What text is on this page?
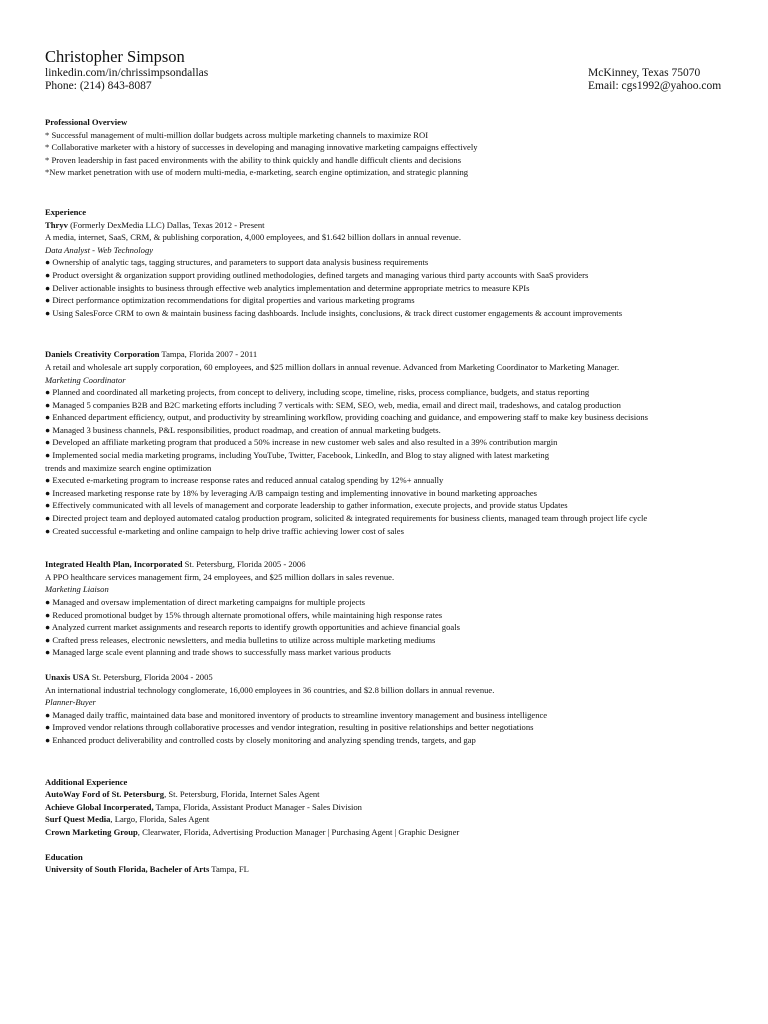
Christopher Simpson
linkedin.com/in/chrissimpsondallas
Phone: (214) 843-8087
McKinney, Texas 75070
Email: cgs1992@yahoo.com
Professional Overview
* Successful management of multi-million dollar budgets across multiple marketing channels to maximize ROI
* Collaborative marketer with a history of successes in developing and managing innovative marketing campaigns effectively
* Proven leadership in fast paced environments with the ability to think quickly and handle difficult clients and decisions
*New market penetration with use of modern multi-media, e-marketing, search engine optimization, and strategic planning
Experience
Thryv (Formerly DexMedia LLC) Dallas, Texas 2012 - Present
A media, internet, SaaS, CRM, & publishing corporation, 4,000 employees, and $1.642 billion dollars in annual revenue.
Data Analyst - Web Technology
● Ownership of analytic tags, tagging structures, and parameters to support data analysis business requirements
● Product oversight & organization support providing outlined methodologies, defined targets and managing various third party accounts with SaaS providers
● Deliver actionable insights to business through effective web analytics implementation and determine appropriate metrics to measure KPIs
● Direct performance optimization recommendations for digital properties and various marketing programs
● Using SalesForce CRM to own & maintain business facing dashboards. Include insights, conclusions, & track direct customer engagements & account improvements
Daniels Creativity Corporation Tampa, Florida 2007 - 2011
A retail and wholesale art supply corporation, 60 employees, and $25 million dollars in annual revenue. Advanced from Marketing Coordinator to Marketing Manager.
Marketing Coordinator
● Planned and coordinated all marketing projects, from concept to delivery, including scope, timeline, risks, process compliance, budgets, and status reporting
● Managed 5 companies B2B and B2C marketing efforts including 7 verticals with: SEM, SEO, web, media, email and direct mail, tradeshows, and catalog production
● Enhanced department efficiency, output, and productivity by streamlining workflow, providing coaching and guidance, and empowering staff to make key business decisions
● Managed 3 business channels, P&L responsibilities, product roadmap, and creation of annual marketing budgets.
● Developed an affiliate marketing program that produced a 50% increase in new customer web sales and also resulted in a 39% contribution margin
● Implemented social media marketing programs, including YouTube, Twitter, Facebook, LinkedIn, and Blog to stay aligned with latest marketing trends and maximize search engine optimization
● Executed e-marketing program to increase response rates and reduced annual catalog spending by 12%+ annually
● Increased marketing response rate by 18% by leveraging A/B campaign testing and implementing innovative in bound marketing approaches
● Effectively communicated with all levels of management and corporate leadership to gather information, execute projects, and provide status Updates
● Directed project team and deployed automated catalog production program, solicited & integrated requirements for business clients, managed team through project life cycle
● Created successful e-marketing and online campaign to help drive traffic achieving lower cost of sales
Integrated Health Plan, Incorporated St. Petersburg, Florida 2005 - 2006
A PPO healthcare services management firm, 24 employees, and $25 million dollars in sales revenue.
Marketing Liaison
● Managed and oversaw implementation of direct marketing campaigns for multiple projects
● Reduced promotional budget by 15% through alternate promotional offers, while maintaining high response rates
● Analyzed current market assignments and research reports to identify growth opportunities and achieve financial goals
● Crafted press releases, electronic newsletters, and media bulletins to utilize across multiple marketing mediums
● Managed large scale event planning and trade shows to successfully mass market various products
Unaxis USA St. Petersburg, Florida 2004 - 2005
An international industrial technology conglomerate, 16,000 employees in 36 countries, and $2.8 billion dollars in annual revenue.
Planner-Buyer
● Managed daily traffic, maintained data base and monitored inventory of products to streamline inventory management and business intelligence
● Improved vendor relations through collaborative processes and vendor integration, resulting in positive relationships and better negotiations
● Enhanced product deliverability and controlled costs by closely monitoring and analyzing spending trends, targets, and gap
Additional Experience
AutoWay Ford of St. Petersburg, St. Petersburg, Florida, Internet Sales Agent
Achieve Global Incorperated, Tampa, Florida, Assistant Product Manager - Sales Division
Surf Quest Media, Largo, Florida, Sales Agent
Crown Marketing Group, Clearwater, Florida, Advertising Production Manager | Purchasing Agent | Graphic Designer
Education
University of South Florida, Bacheler of Arts Tampa, FL
